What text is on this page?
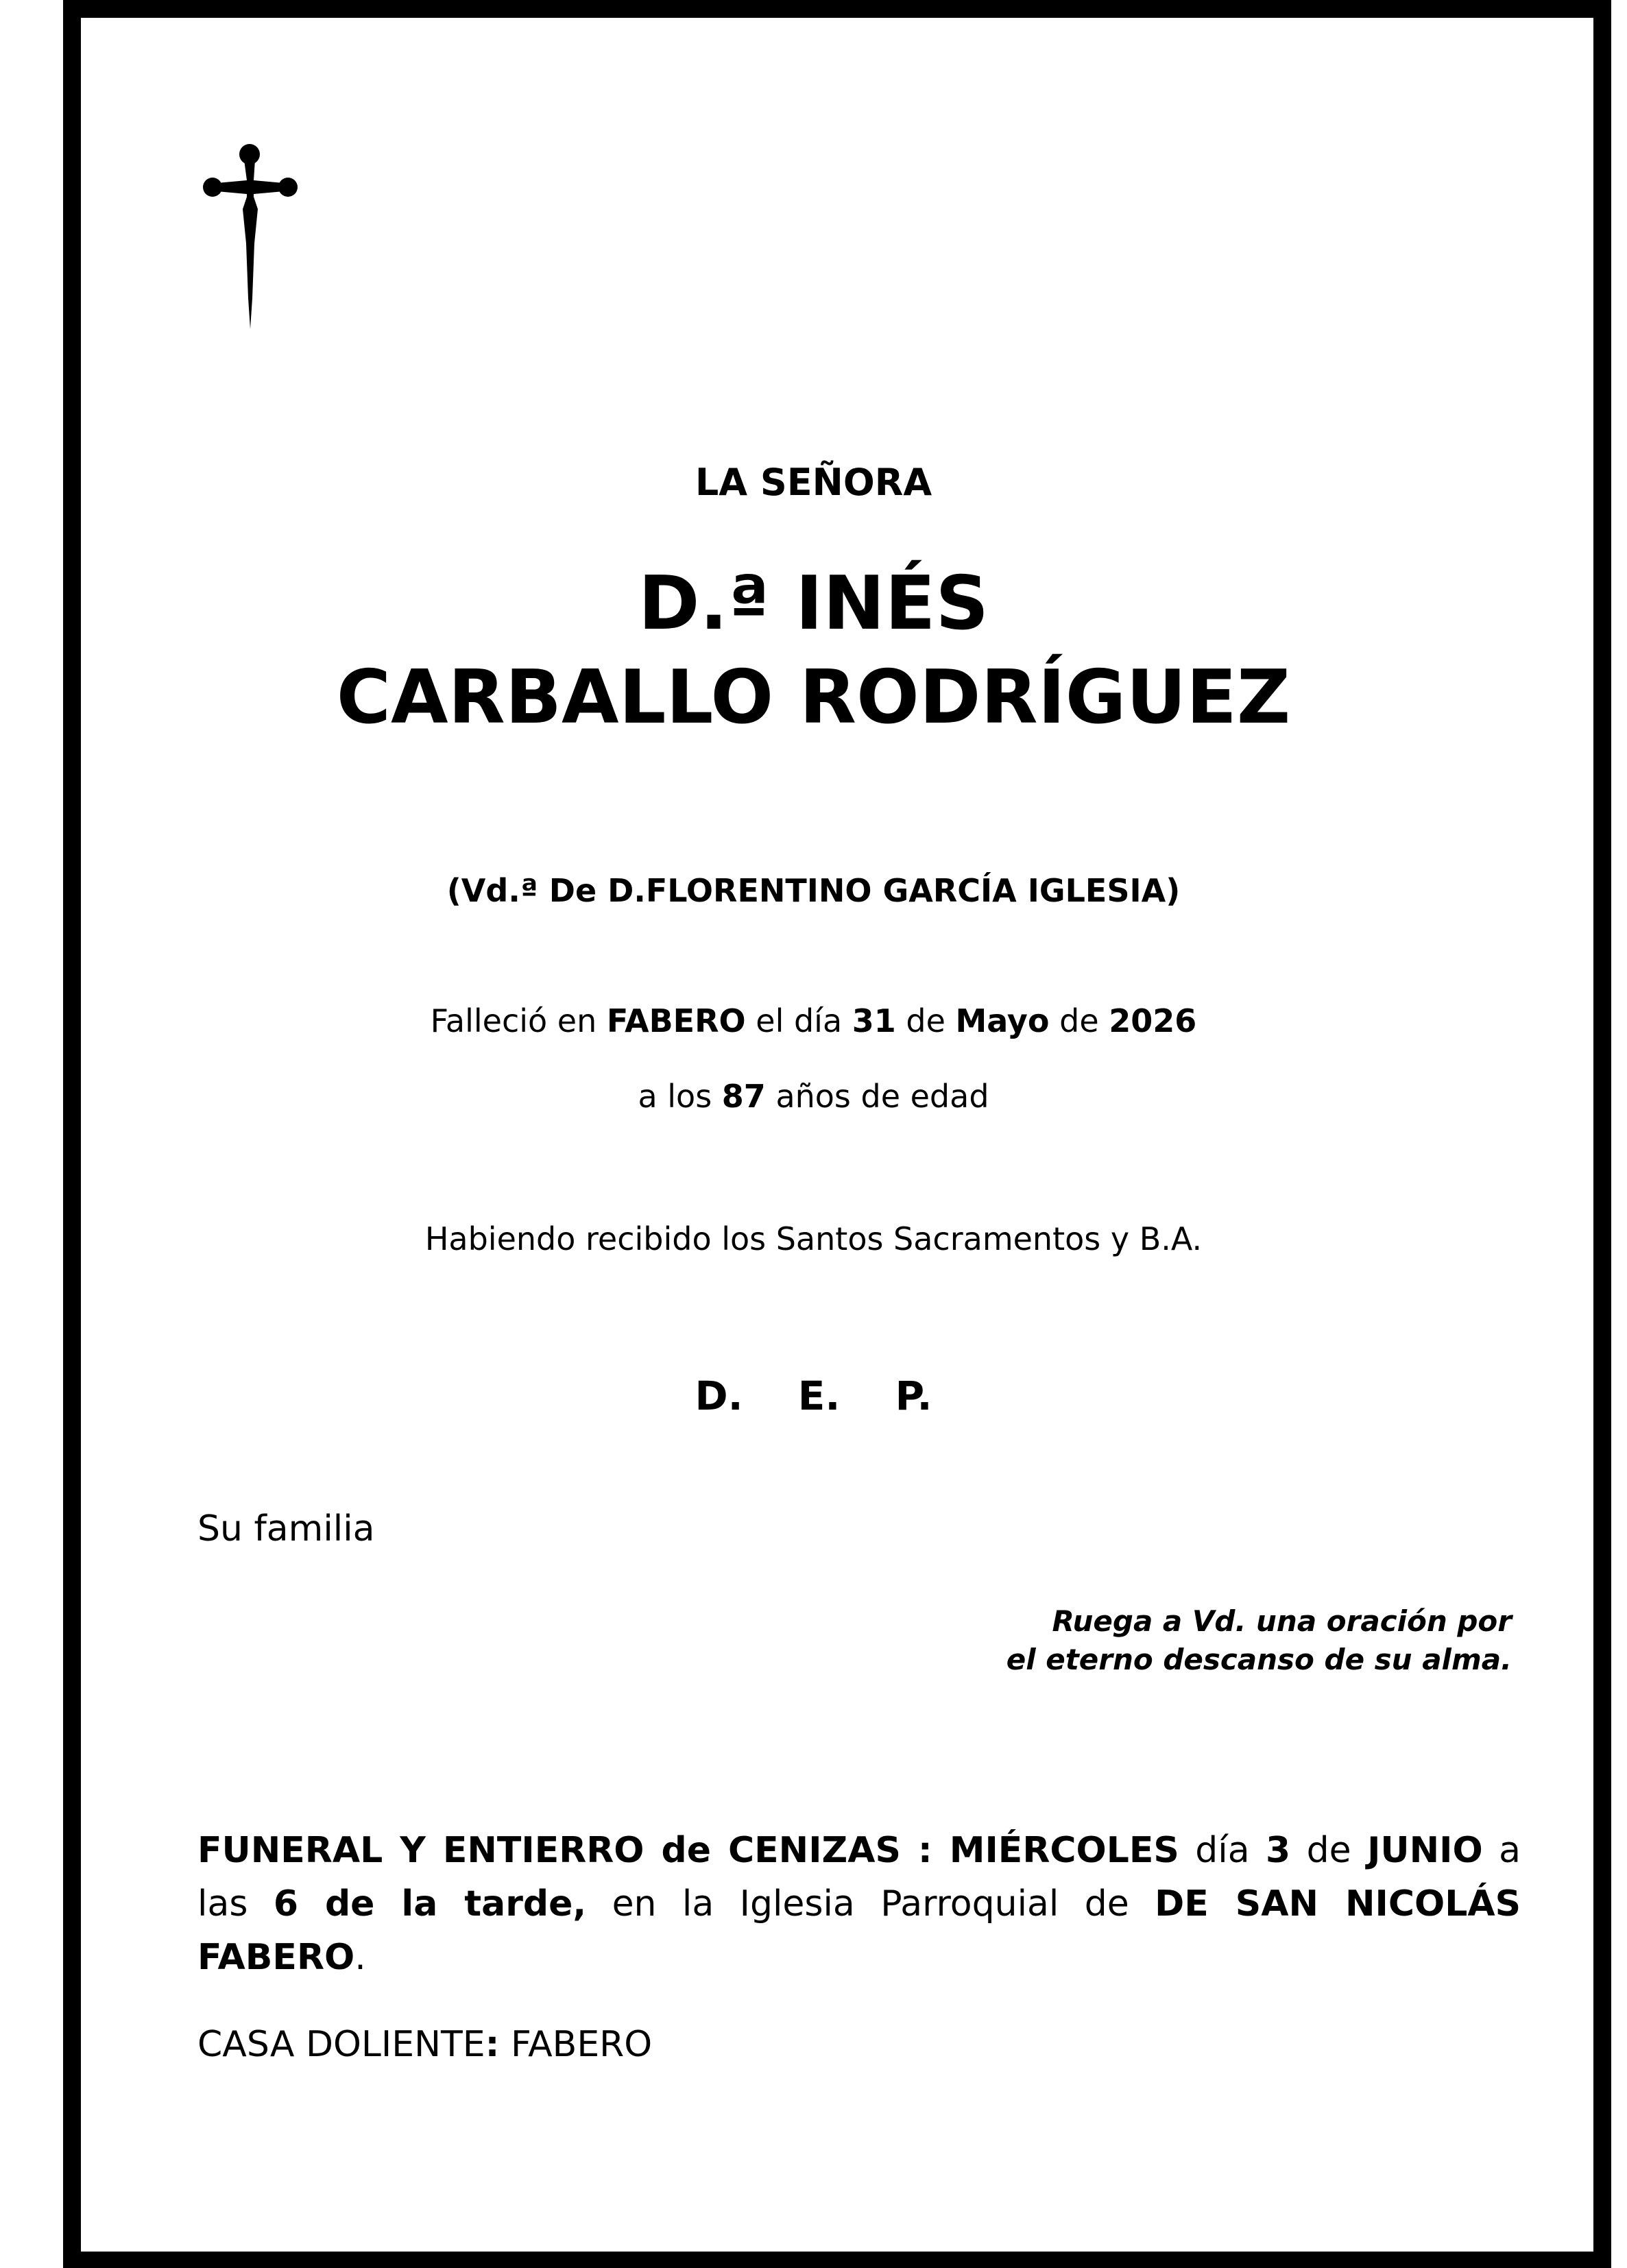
LA SEÑORA
D.ª INÉS
CARBALLO RODRÍGUEZ
(Vd.ª De D.FLORENTINO GARCÍA IGLESIA)
Falleció en FABERO el día 31 de Mayo de 2026
a los 87 años de edad
Habiendo recibido los Santos Sacramentos y B.A.
D. E. P.
Su familia
Ruega a Vd. una oración por
el eterno descanso de su alma.
FUNERAL Y ENTIERRO de CENIZAS : MIÉRCOLES día 3 de JUNIO a las 6 de la tarde, en la Iglesia Parroquial de DE SAN NICOLÁS FABERO.
CASA DOLIENTE: FABERO
